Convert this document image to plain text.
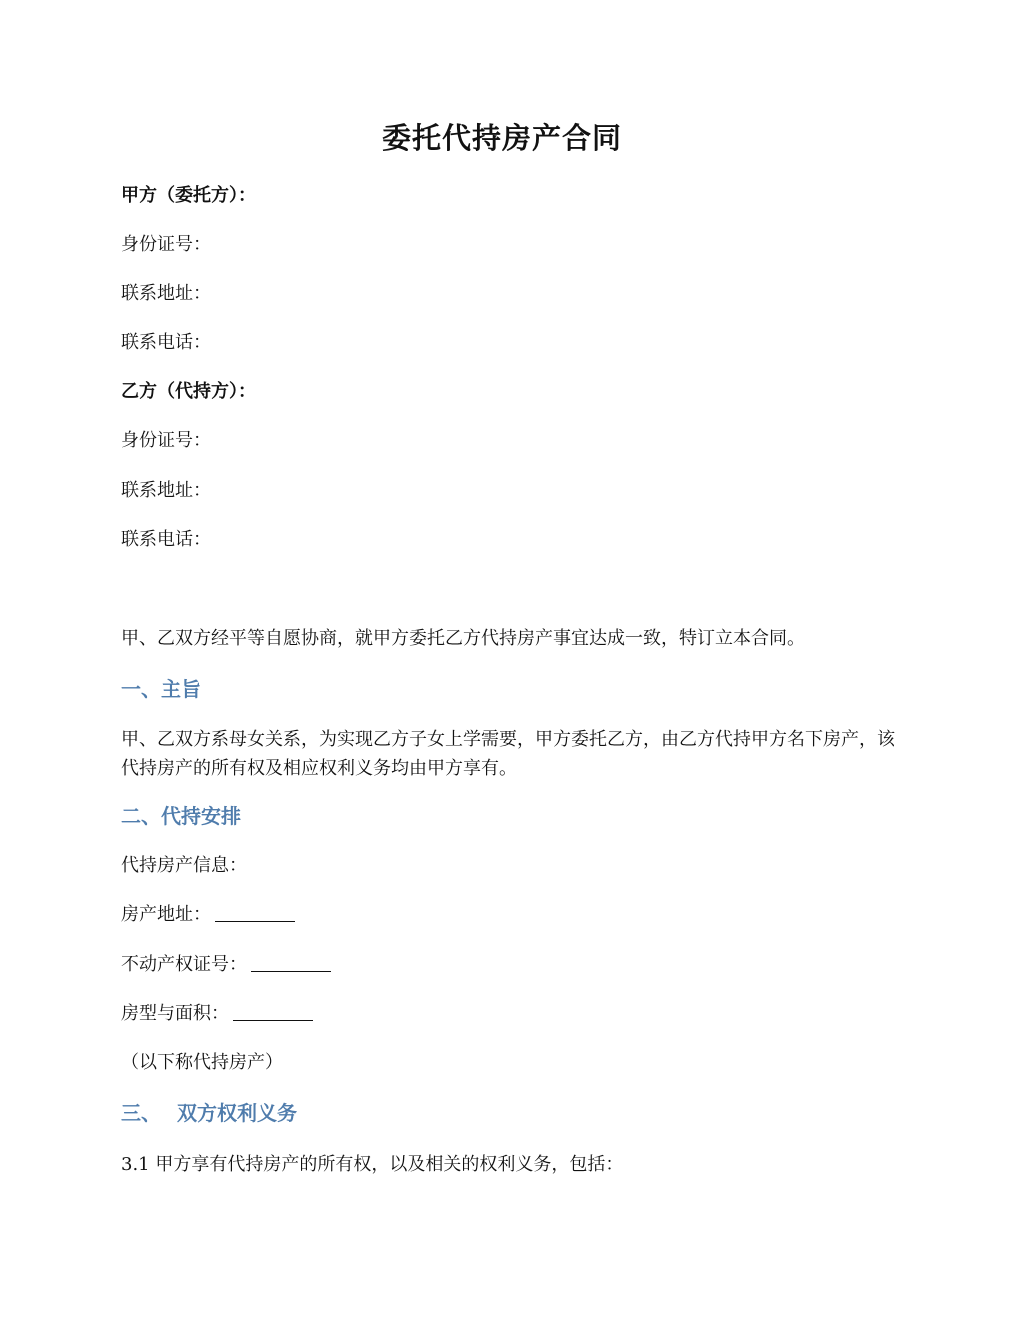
委托代持房产合同
甲方（委托方）：
身份证号：
联系地址：
联系电话：
乙方（代持方）：
身份证号：
联系地址：
联系电话：
甲、乙双方经平等自愿协商，就甲方委托乙方代持房产事宜达成一致，特订立本合同。
一、主旨
甲、乙双方系母女关系，为实现乙方子女上学需要，甲方委托乙方，由乙方代持甲方名下房产，该代持房产的所有权及相应权利义务均由甲方享有。
二、代持安排
代持房产信息：
房产地址：
不动产权证号：
房型与面积：
（以下称代持房产）
三、 双方权利义务
3.1 甲方享有代持房产的所有权，以及相关的权利义务，包括：
